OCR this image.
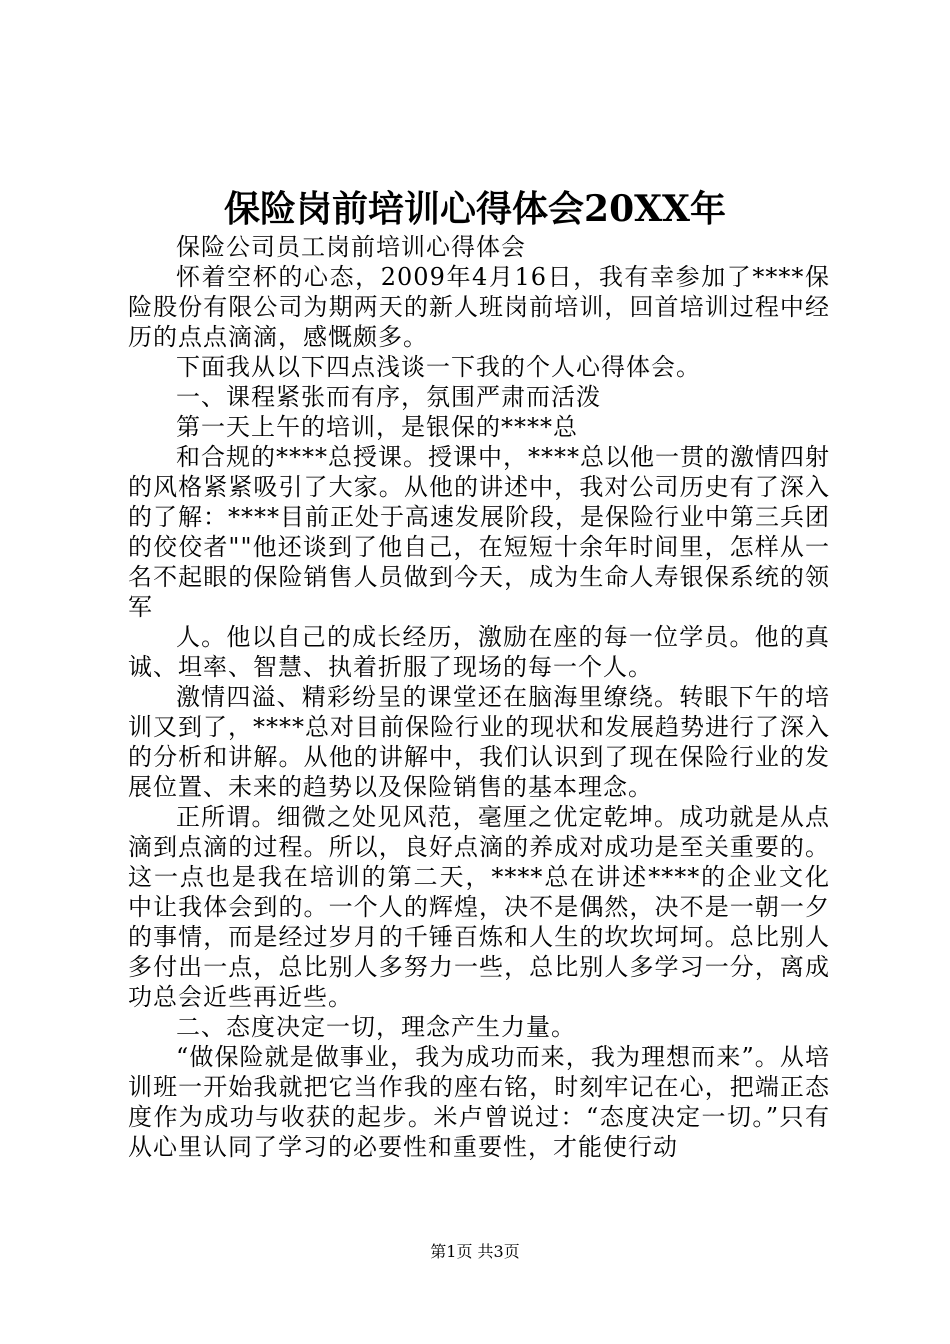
保险岗前培训心得体会20XX年

保险公司员工岗前培训心得体会

怀着空杯的心态，2009年4月16日，我有幸参加了****保险股份有限公司为期两天的新人班岗前培训，回首培训过程中经历的点点滴滴，感慨颇多。

下面我从以下四点浅谈一下我的个人心得体会。

一、课程紧张而有序，氛围严肃而活泼

第一天上午的培训，是银保的****总

和合规的****总授课。授课中，****总以他一贯的激情四射的风格紧紧吸引了大家。从他的讲述中，我对公司历史有了深入的了解：****目前正处于高速发展阶段，是保险行业中第三兵团的佼佼者""他还谈到了他自己，在短短十余年时间里，怎样从一名不起眼的保险销售人员做到今天，成为生命人寿银保系统的领军

人。他以自己的成长经历，激励在座的每一位学员。他的真诚、坦率、智慧、执着折服了现场的每一个人。

激情四溢、精彩纷呈的课堂还在脑海里缭绕。转眼下午的培训又到了，****总对目前保险行业的现状和发展趋势进行了深入的分析和讲解。从他的讲解中，我们认识到了现在保险行业的发展位置、未来的趋势以及保险销售的基本理念。

正所谓。细微之处见风范，毫厘之优定乾坤。成功就是从点滴到点滴的过程。所以，良好点滴的养成对成功是至关重要的。这一点也是我在培训的第二天，****总在讲述****的企业文化中让我体会到的。一个人的辉煌，决不是偶然，决不是一朝一夕的事情，而是经过岁月的千锤百炼和人生的坎坎坷坷。总比别人多付出一点，总比别人多努力一些，总比别人多学习一分，离成功总会近些再近些。

二、态度决定一切，理念产生力量。

“做保险就是做事业，我为成功而来，我为理想而来”。从培训班一开始我就把它当作我的座右铭，时刻牢记在心，把端正态度作为成功与收获的起步。米卢曾说过：“态度决定一切。”只有从心里认同了学习的必要性和重要性，才能使行动

第1页 共3页
